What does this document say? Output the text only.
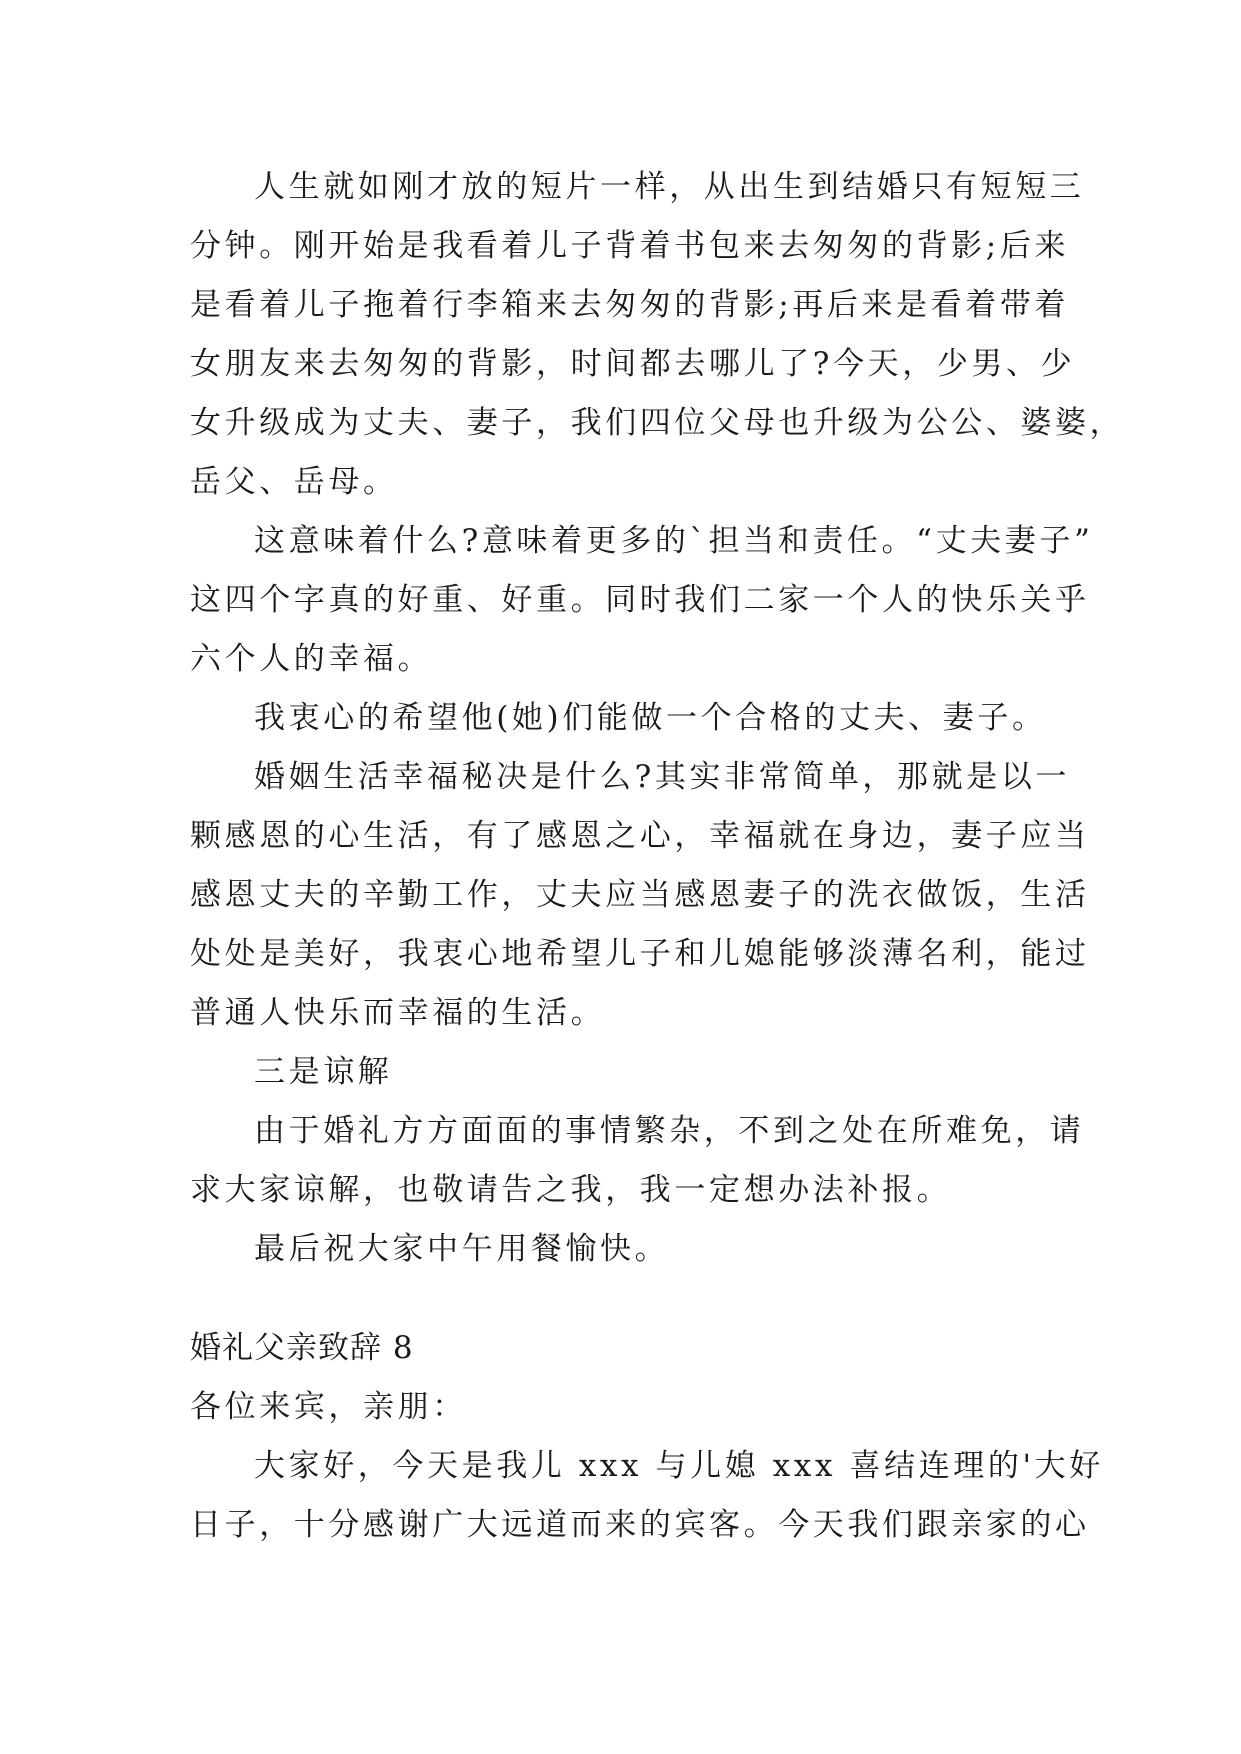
人生就如刚才放的短片一样，从出生到结婚只有短短三
分钟。刚开始是我看着儿子背着书包来去匆匆的背影;后来
是看着儿子拖着行李箱来去匆匆的背影;再后来是看着带着
女朋友来去匆匆的背影，时间都去哪儿了?今天，少男、少
女升级成为丈夫、妻子，我们四位父母也升级为公公、婆婆，
岳父、岳母。
这意味着什么?意味着更多的`担当和责任。“丈夫妻子”
这四个字真的好重、好重。同时我们二家一个人的快乐关乎
六个人的幸福。
我衷心的希望他(她)们能做一个合格的丈夫、妻子。
婚姻生活幸福秘决是什么?其实非常简单，那就是以一
颗感恩的心生活，有了感恩之心，幸福就在身边，妻子应当
感恩丈夫的辛勤工作，丈夫应当感恩妻子的洗衣做饭，生活
处处是美好，我衷心地希望儿子和儿媳能够淡薄名利，能过
普通人快乐而幸福的生活。
三是谅解
由于婚礼方方面面的事情繁杂，不到之处在所难免，请
求大家谅解，也敬请告之我，我一定想办法补报。
最后祝大家中午用餐愉快。
婚礼父亲致辞 8
各位来宾，亲朋：
大家好，今天是我儿 xxx 与儿媳 xxx 喜结连理的'大好
日子，十分感谢广大远道而来的宾客。今天我们跟亲家的心
